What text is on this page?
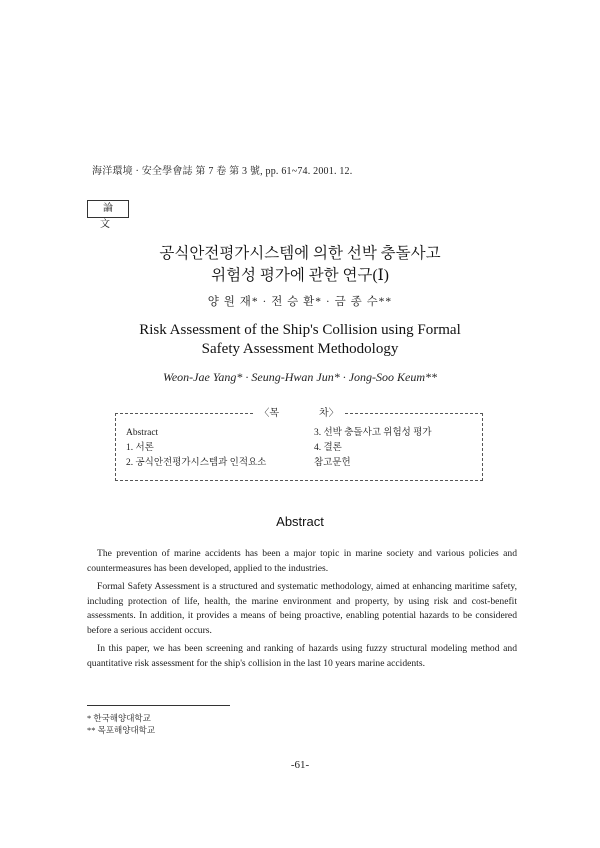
海洋環境 · 安全學會誌 第 7 卷 第 3 號, pp. 61~74. 2001. 12.
論 文
공식안전평가시스템에 의한 선박 충돌사고
위험성 평가에 관한 연구(Ⅰ)
양 원 재* · 전 승 환* · 금 종 수**
Risk Assessment of the Ship's Collision using Formal
Safety Assessment Methodology
Weon-Jae Yang* · Seung-Hwan Jun* · Jong-Soo Keum**
〈목　　　　차〉
Abstract
1. 서론
2. 공식안전평가시스템과 인적요소
3. 선박 충돌사고 위험성 평가
4. 결론
참고문헌
Abstract

The prevention of marine accidents has been a major topic in marine society and various policies and countermeasures has been developed, applied to the industries.

Formal Safety Assessment is a structured and systematic methodology, aimed at enhancing maritime safety, including protection of life, health, the marine environment and property, by using risk and cost-benefit assessments. In addition, it provides a means of being proactive, enabling potential hazards to be considered before a serious accident occurs.

In this paper, we has been screening and ranking of hazards using fuzzy structural modeling method and quantitative risk assessment for the ship's collision in the last 10 years marine accidents.

* 한국해양대학교
** 목포해양대학교
-61-
